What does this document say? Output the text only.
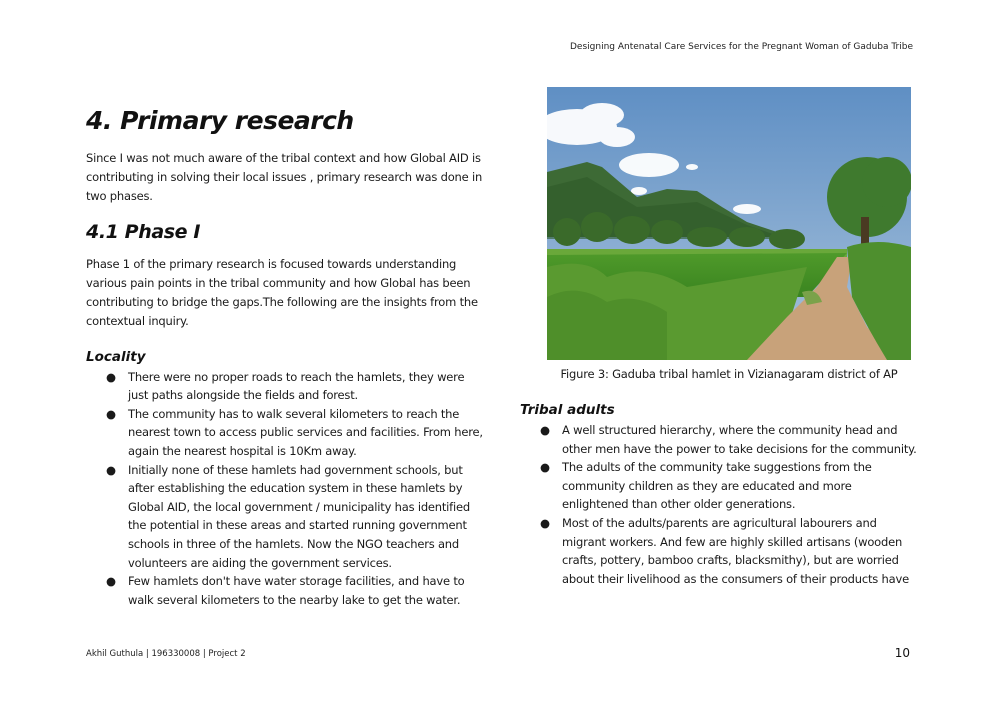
Designing Antenatal Care Services for the Pregnant Woman of Gaduba Tribe
4. Primary research

Since I was not much aware of the tribal context and how Global AID is contributing in solving their local issues , primary research was done in two phases.

4.1 Phase I

Phase 1 of the primary research is focused towards understanding various pain points in the tribal community and how Global has been contributing to bridge the gaps.The following are the insights from the contextual inquiry.

Locality
● There were no proper roads to reach the hamlets, they were just paths alongside the fields and forest.
● The community has to walk several kilometers to reach the nearest town to access public services and facilities. From here, again the nearest hospital is 10Km away.
● Initially none of these hamlets had government schools, but after establishing the education system in these hamlets by Global AID, the local government / municipality has identified the potential in these areas and started running government schools in three of the hamlets. Now the NGO teachers and volunteers are aiding the government services.
● Few hamlets don't have water storage facilities, and have to walk several kilometers to the nearby lake to get the water.
Figure 3: Gaduba tribal hamlet in Vizianagaram district of AP
Tribal adults
● A well structured hierarchy, where the community head and other men have the power to take decisions for the community.
● The adults of the community take suggestions from the community children as they are educated and more enlightened than other older generations.
● Most of the adults/parents are agricultural labourers and migrant workers. And few are highly skilled artisans (wooden crafts, pottery, bamboo crafts, blacksmithy), but are worried about their livelihood as the consumers of their products have
Akhil Guthula | 196330008 | Project 2	10
